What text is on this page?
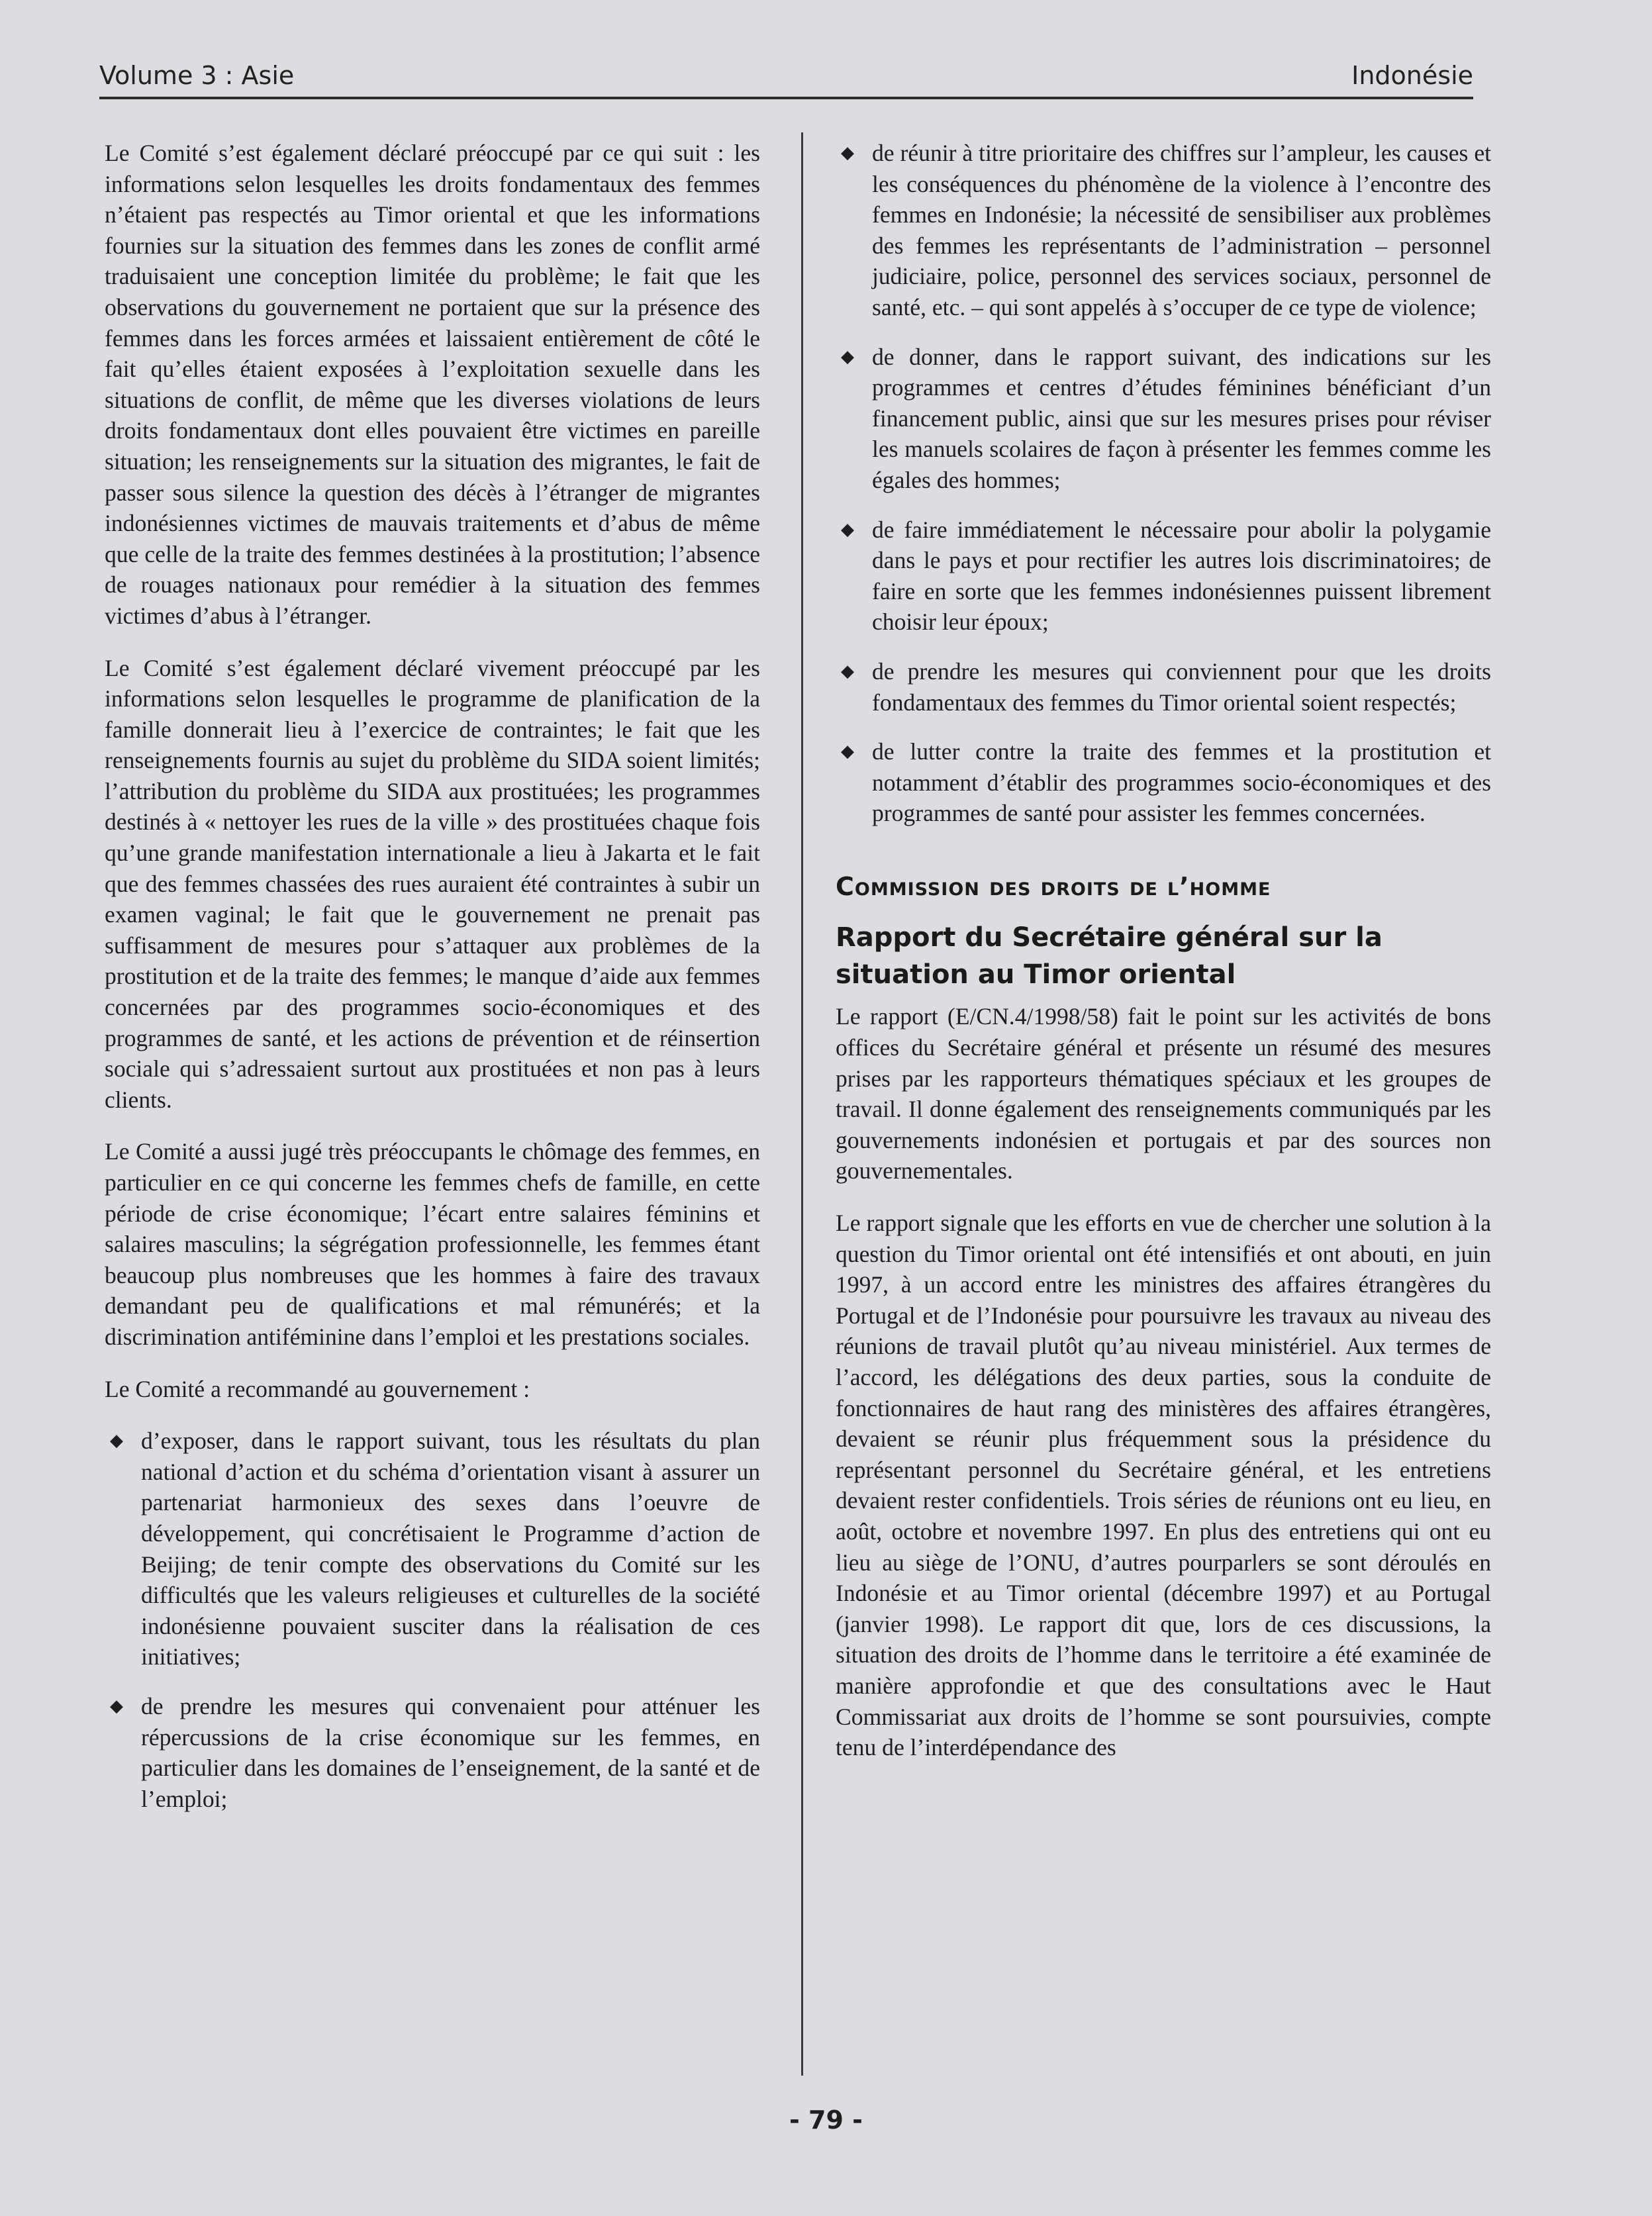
Volume 3 : Asie	Indonésie

Le Comité s’est également déclaré préoccupé par ce qui suit : les informations selon lesquelles les droits fondamentaux des femmes n’étaient pas respectés au Timor oriental et que les informations fournies sur la situation des femmes dans les zones de conflit armé traduisaient une conception limitée du problème; le fait que les observations du gouvernement ne portaient que sur la présence des femmes dans les forces armées et laissaient entièrement de côté le fait qu’elles étaient exposées à l’exploitation sexuelle dans les situations de conflit, de même que les diverses violations de leurs droits fondamentaux dont elles pouvaient être victimes en pareille situation; les renseignements sur la situation des migrantes, le fait de passer sous silence la question des décès à l’étranger de migrantes indonésiennes victimes de mauvais traitements et d’abus de même que celle de la traite des femmes destinées à la prostitution; l’absence de rouages nationaux pour remédier à la situation des femmes victimes d’abus à l’étranger.

Le Comité s’est également déclaré vivement préoccupé par les informations selon lesquelles le programme de planification de la famille donnerait lieu à l’exercice de contraintes; le fait que les renseignements fournis au sujet du problème du SIDA soient limités; l’attribution du problème du SIDA aux prostituées; les programmes destinés à « nettoyer les rues de la ville » des prostituées chaque fois qu’une grande manifestation internationale a lieu à Jakarta et le fait que des femmes chassées des rues auraient été contraintes à subir un examen vaginal; le fait que le gouvernement ne prenait pas suffisamment de mesures pour s’attaquer aux problèmes de la prostitution et de la traite des femmes; le manque d’aide aux femmes concernées par des programmes socio-économiques et des programmes de santé, et les actions de prévention et de réinsertion sociale qui s’adressaient surtout aux prostituées et non pas à leurs clients.

Le Comité a aussi jugé très préoccupants le chômage des femmes, en particulier en ce qui concerne les femmes chefs de famille, en cette période de crise économique; l’écart entre salaires féminins et salaires masculins; la ségrégation professionnelle, les femmes étant beaucoup plus nombreuses que les hommes à faire des travaux demandant peu de qualifications et mal rémunérés; et la discrimination antiféminine dans l’emploi et les prestations sociales.

Le Comité a recommandé au gouvernement :

◆ d’exposer, dans le rapport suivant, tous les résultats du plan national d’action et du schéma d’orientation visant à assurer un partenariat harmonieux des sexes dans l’oeuvre de développement, qui concrétisaient le Programme d’action de Beijing; de tenir compte des observations du Comité sur les difficultés que les valeurs religieuses et culturelles de la société indonésienne pouvaient susciter dans la réalisation de ces initiatives;
◆ de prendre les mesures qui convenaient pour atténuer les répercussions de la crise économique sur les femmes, en particulier dans les domaines de l’enseignement, de la santé et de l’emploi;
◆ de réunir à titre prioritaire des chiffres sur l’ampleur, les causes et les conséquences du phénomène de la violence à l’encontre des femmes en Indonésie; la nécessité de sensibiliser aux problèmes des femmes les représentants de l’administration – personnel judiciaire, police, personnel des services sociaux, personnel de santé, etc. – qui sont appelés à s’occuper de ce type de violence;
◆ de donner, dans le rapport suivant, des indications sur les programmes et centres d’études féminines bénéficiant d’un financement public, ainsi que sur les mesures prises pour réviser les manuels scolaires de façon à présenter les femmes comme les égales des hommes;
◆ de faire immédiatement le nécessaire pour abolir la polygamie dans le pays et pour rectifier les autres lois discriminatoires; de faire en sorte que les femmes indonésiennes puissent librement choisir leur époux;
◆ de prendre les mesures qui conviennent pour que les droits fondamentaux des femmes du Timor oriental soient respectés;
◆ de lutter contre la traite des femmes et la prostitution et notamment d’établir des programmes socio-économiques et des programmes de santé pour assister les femmes concernées.
Commission des droits de l’homme
Rapport du Secrétaire général sur la situation au Timor oriental

Le rapport (E/CN.4/1998/58) fait le point sur les activités de bons offices du Secrétaire général et présente un résumé des mesures prises par les rapporteurs thématiques spéciaux et les groupes de travail. Il donne également des renseignements communiqués par les gouvernements indonésien et portugais et par des sources non gouvernementales.

Le rapport signale que les efforts en vue de chercher une solution à la question du Timor oriental ont été intensifiés et ont abouti, en juin 1997, à un accord entre les ministres des affaires étrangères du Portugal et de l’Indonésie pour poursuivre les travaux au niveau des réunions de travail plutôt qu’au niveau ministériel. Aux termes de l’accord, les délégations des deux parties, sous la conduite de fonctionnaires de haut rang des ministères des affaires étrangères, devaient se réunir plus fréquemment sous la présidence du représentant personnel du Secrétaire général, et les entretiens devaient rester confidentiels. Trois séries de réunions ont eu lieu, en août, octobre et novembre 1997. En plus des entretiens qui ont eu lieu au siège de l’ONU, d’autres pourparlers se sont déroulés en Indonésie et au Timor oriental (décembre 1997) et au Portugal (janvier 1998). Le rapport dit que, lors de ces discussions, la situation des droits de l’homme dans le territoire a été examinée de manière approfondie et que des consultations avec le Haut Commissariat aux droits de l’homme se sont poursuivies, compte tenu de l’interdépendance des

- 79 -
